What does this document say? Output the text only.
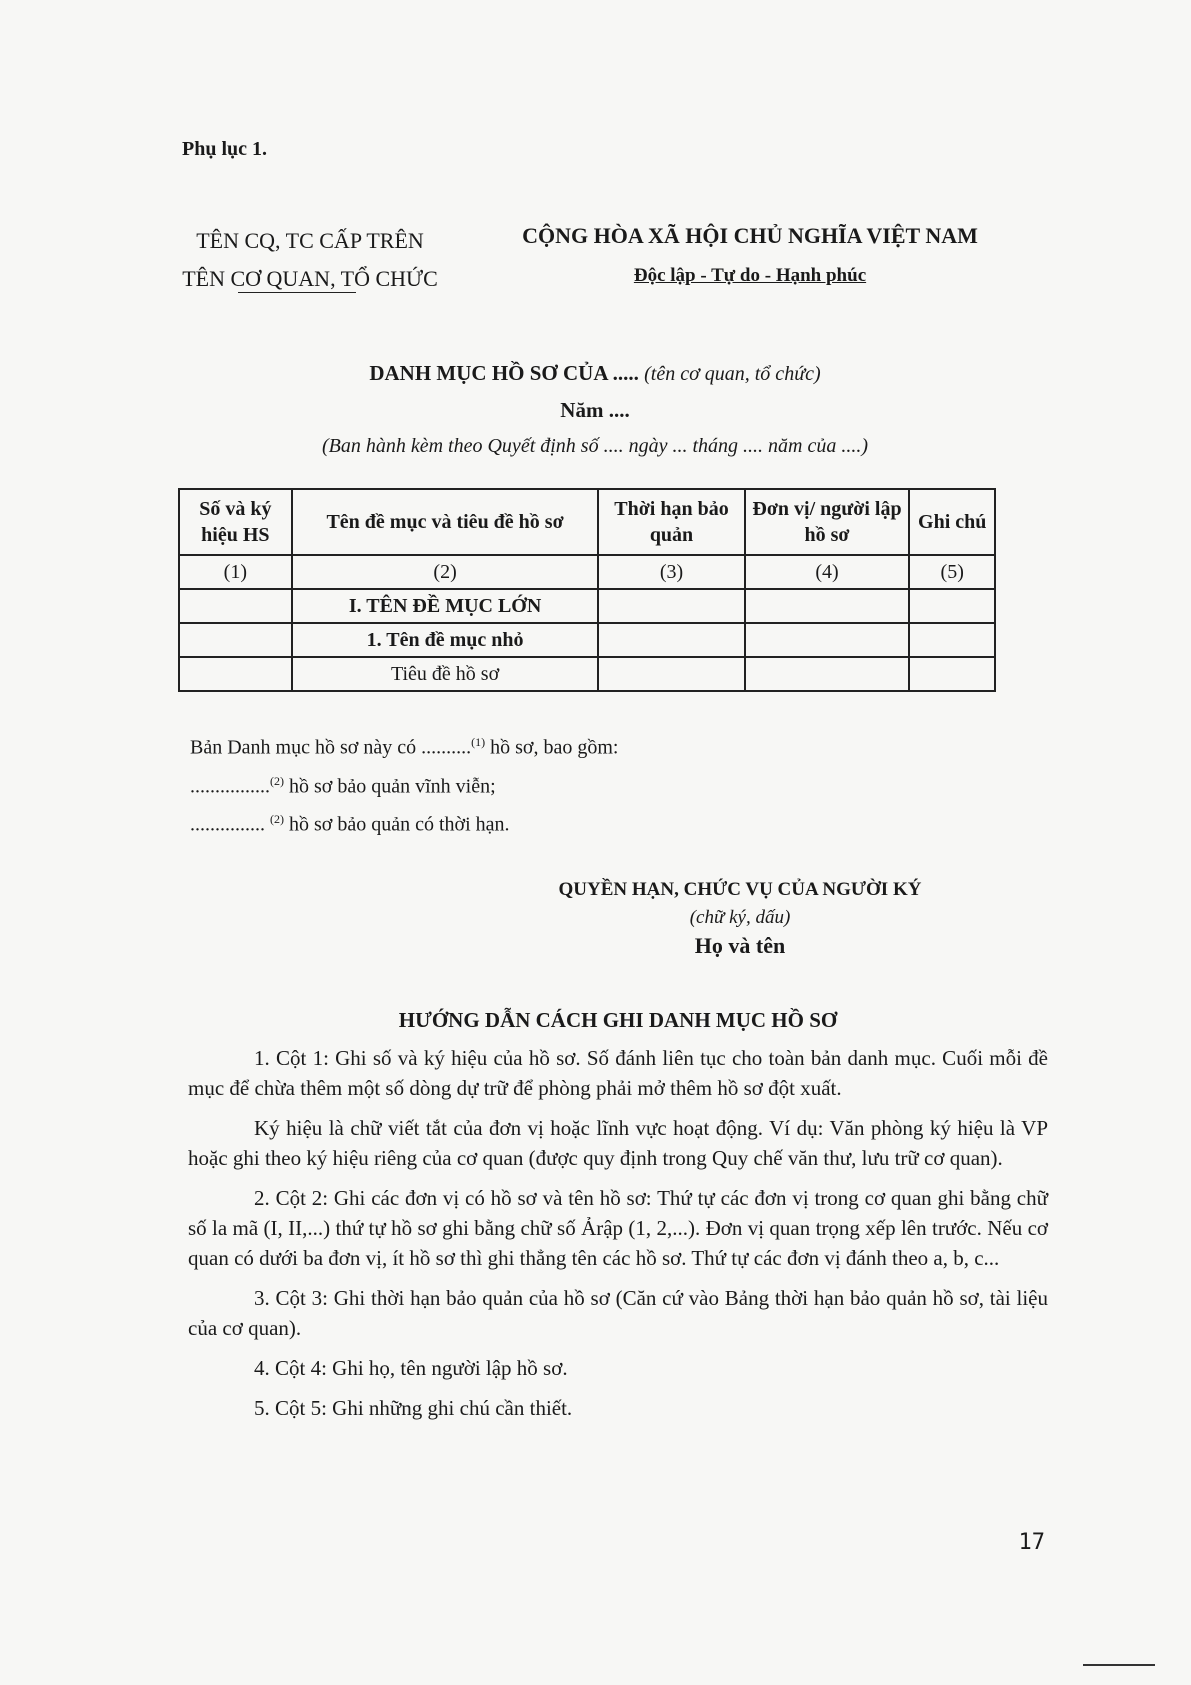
Phụ lục 1.
TÊN CQ, TC CẤP TRÊN
TÊN CƠ QUAN, TỔ CHỨC
CỘNG HÒA XÃ HỘI CHỦ NGHĨA VIỆT NAM
Độc lập - Tự do - Hạnh phúc
DANH MỤC HỒ SƠ CỦA ..... (tên cơ quan, tổ chức)
Năm ....
(Ban hành kèm theo Quyết định số .... ngày ... tháng .... năm của ....)
Số và ký hiệu HS	Tên đề mục và tiêu đề hồ sơ	Thời hạn bảo quản	Đơn vị/ người lập hồ sơ	Ghi chú
(1)	(2)	(3)	(4)	(5)
	I. TÊN ĐỀ MỤC LỚN			
	1. Tên đề mục nhỏ			
	Tiêu đề hồ sơ			
Bản Danh mục hồ sơ này có ..........$^{(1)}$ hồ sơ, bao gồm:
................$^{(2)}$ hồ sơ bảo quản vĩnh viễn;
............... $^{(2)}$ hồ sơ bảo quản có thời hạn.
QUYỀN HẠN, CHỨC VỤ CỦA NGƯỜI KÝ
(chữ ký, dấu)
Họ và tên
HƯỚNG DẪN CÁCH GHI DANH MỤC HỒ SƠ

1. Cột 1: Ghi số và ký hiệu của hồ sơ. Số đánh liên tục cho toàn bản danh mục. Cuối mỗi đề mục để chừa thêm một số dòng dự trữ để phòng phải mở thêm hồ sơ đột xuất.

Ký hiệu là chữ viết tắt của đơn vị hoặc lĩnh vực hoạt động. Ví dụ: Văn phòng ký hiệu là VP hoặc ghi theo ký hiệu riêng của cơ quan (được quy định trong Quy chế văn thư, lưu trữ cơ quan).

2. Cột 2: Ghi các đơn vị có hồ sơ và tên hồ sơ: Thứ tự các đơn vị trong cơ quan ghi bằng chữ số la mã (I, II,...) thứ tự hồ sơ ghi bằng chữ số Ảrập (1, 2,...). Đơn vị quan trọng xếp lên trước. Nếu cơ quan có dưới ba đơn vị, ít hồ sơ thì ghi thẳng tên các hồ sơ. Thứ tự các đơn vị đánh theo a, b, c...

3. Cột 3: Ghi thời hạn bảo quản của hồ sơ (Căn cứ vào Bảng thời hạn bảo quản hồ sơ, tài liệu của cơ quan).

4. Cột 4: Ghi họ, tên người lập hồ sơ.

5. Cột 5: Ghi những ghi chú cần thiết.

17
